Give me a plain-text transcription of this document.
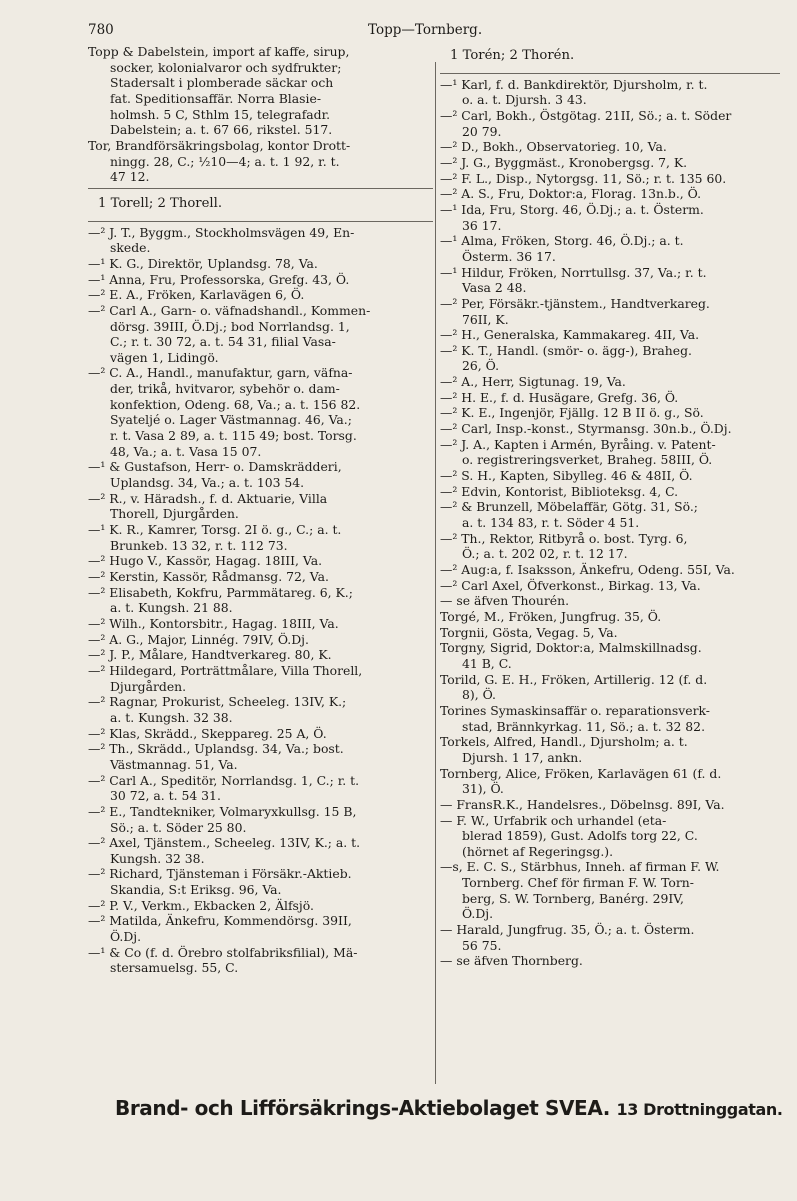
780	Topp—Tornberg.
Topp & Dabelstein, import af kaffe, sirup,
socker, kolonialvaror och sydfrukter;
Stadersalt i plomberade säckar och
fat. Speditionsaffär. Norra Blasie-
holmsh. 5 C, Sthlm 15, telegrafadr.
Dabelstein; a. t. 67 66, rikstel. 517.
Tor, Brandförsäkringsbolag, kontor Drott-
ningg. 28, C.; ½10—4; a. t. 1 92, r. t.
47 12.
1 Torell; 2 Thorell.
—² J. T., Byggm., Stockholmsvägen 49, En-
skede.
—¹ K. G., Direktör, Uplandsg. 78, Va.
—¹ Anna, Fru, Professorska, Grefg. 43, Ö.
—² E. A., Fröken, Karlavägen 6, Ö.
—² Carl A., Garn- o. väfnadshandl., Kommen-
dörsg. 39III, Ö.Dj.; bod Norrlandsg. 1,
C.; r. t. 30 72, a. t. 54 31, filial Vasa-
vägen 1, Lidingö.
—² C. A., Handl., manufaktur, garn, väfna-
der, trikå, hvitvaror, sybehör o. dam-
konfektion, Odeng. 68, Va.; a. t. 156 82.
Syateljé o. Lager Västmannag. 46, Va.;
r. t. Vasa 2 89, a. t. 115 49; bost. Torsg.
48, Va.; a. t. Vasa 15 07.
—¹ & Gustafson, Herr- o. Damskrädderi,
Uplandsg. 34, Va.; a. t. 103 54.
—² R., v. Häradsh., f. d. Aktuarie, Villa
Thorell, Djurgården.
—¹ K. R., Kamrer, Torsg. 2I ö. g., C.; a. t.
Brunkeb. 13 32, r. t. 112 73.
—² Hugo V., Kassör, Hagag. 18III, Va.
—² Kerstin, Kassör, Rådmansg. 72, Va.
—² Elisabeth, Kokfru, Parmmätareg. 6, K.;
a. t. Kungsh. 21 88.
—² Wilh., Kontorsbitr., Hagag. 18III, Va.
—² A. G., Major, Linnég. 79IV, Ö.Dj.
—² J. P., Målare, Handtverkareg. 80, K.
—² Hildegard, Porträttmålare, Villa Thorell,
Djurgården.
—² Ragnar, Prokurist, Scheeleg. 13IV, K.;
a. t. Kungsh. 32 38.
—² Klas, Skrädd., Skeppareg. 25 A, Ö.
—² Th., Skrädd., Uplandsg. 34, Va.; bost.
Västmannag. 51, Va.
—² Carl A., Speditör, Norrlandsg. 1, C.; r. t.
30 72, a. t. 54 31.
—² E., Tandtekniker, Volmaryxkullsg. 15 B,
Sö.; a. t. Söder 25 80.
—² Axel, Tjänstem., Scheeleg. 13IV, K.; a. t.
Kungsh. 32 38.
—² Richard, Tjänsteman i Försäkr.-Aktieb.
Skandia, S:t Eriksg. 96, Va.
—² P. V., Verkm., Ekbacken 2, Älfsjö.
—² Matilda, Änkefru, Kommendörsg. 39II,
Ö.Dj.
—¹ & Co (f. d. Örebro stolfabriksfilial), Mä-
stersamuelsg. 55, C.
1 Torén; 2 Thorén.
—¹ Karl, f. d. Bankdirektör, Djursholm, r. t.
o. a. t. Djursh. 3 43.
—² Carl, Bokh., Östgötag. 21II, Sö.; a. t. Söder
20 79.
—² D., Bokh., Observatorieg. 10, Va.
—² J. G., Byggmäst., Kronobergsg. 7, K.
—² F. L., Disp., Nytorgsg. 11, Sö.; r. t. 135 60.
—² A. S., Fru, Doktor:a, Florag. 13n.b., Ö.
—¹ Ida, Fru, Storg. 46, Ö.Dj.; a. t. Österm.
36 17.
—¹ Alma, Fröken, Storg. 46, Ö.Dj.; a. t.
Österm. 36 17.
—¹ Hildur, Fröken, Norrtullsg. 37, Va.; r. t.
Vasa 2 48.
—² Per, Försäkr.-tjänstem., Handtverkareg.
76II, K.
—² H., Generalska, Kammakareg. 4II, Va.
—² K. T., Handl. (smör- o. ägg-), Braheg.
26, Ö.
—² A., Herr, Sigtunag. 19, Va.
—² H. E., f. d. Husägare, Grefg. 36, Ö.
—² K. E., Ingenjör, Fjällg. 12 B II ö. g., Sö.
—² Carl, Insp.-konst., Styrmansg. 30n.b., Ö.Dj.
—² J. A., Kapten i Armén, Byråing. v. Patent-
o. registreringsverket, Braheg. 58III, Ö.
—² S. H., Kapten, Sibylleg. 46 & 48II, Ö.
—² Edvin, Kontorist, Biblioteksg. 4, C.
—² & Brunzell, Möbelaffär, Götg. 31, Sö.;
a. t. 134 83, r. t. Söder 4 51.
—² Th., Rektor, Ritbyrå o. bost. Tyrg. 6,
Ö.; a. t. 202 02, r. t. 12 17.
—² Aug:a, f. Isaksson, Änkefru, Odeng. 55I, Va.
—² Carl Axel, Öfverkonst., Birkag. 13, Va.
— se äfven Thourén.
Torgé, M., Fröken, Jungfrug. 35, Ö.
Torgnii, Gösta, Vegag. 5, Va.
Torgny, Sigrid, Doktor:a, Malmskillnadsg.
41 B, C.
Torild, G. E. H., Fröken, Artillerig. 12 (f. d.
8), Ö.
Torines Symaskinsaffär o. reparationsverk-
stad, Brännkyrkag. 11, Sö.; a. t. 32 82.
Torkels, Alfred, Handl., Djursholm; a. t.
Djursh. 1 17, ankn.
Tornberg, Alice, Fröken, Karlavägen 61 (f. d.
31), Ö.
— FransR.K., Handelsres., Döbelnsg. 89I, Va.
— F. W., Urfabrik och urhandel (eta-
blerad 1859), Gust. Adolfs torg 22, C.
(hörnet af Regeringsg.).
—s, E. C. S., Stärbhus, Inneh. af firman F. W.
Tornberg. Chef för firman F. W. Torn-
berg, S. W. Tornberg, Banérg. 29IV,
Ö.Dj.
— Harald, Jungfrug. 35, Ö.; a. t. Österm.
56 75.
— se äfven Thornberg.
Brand- och Lifförsäkrings-Aktiebolaget SVEA. 13 Drottninggatan.
